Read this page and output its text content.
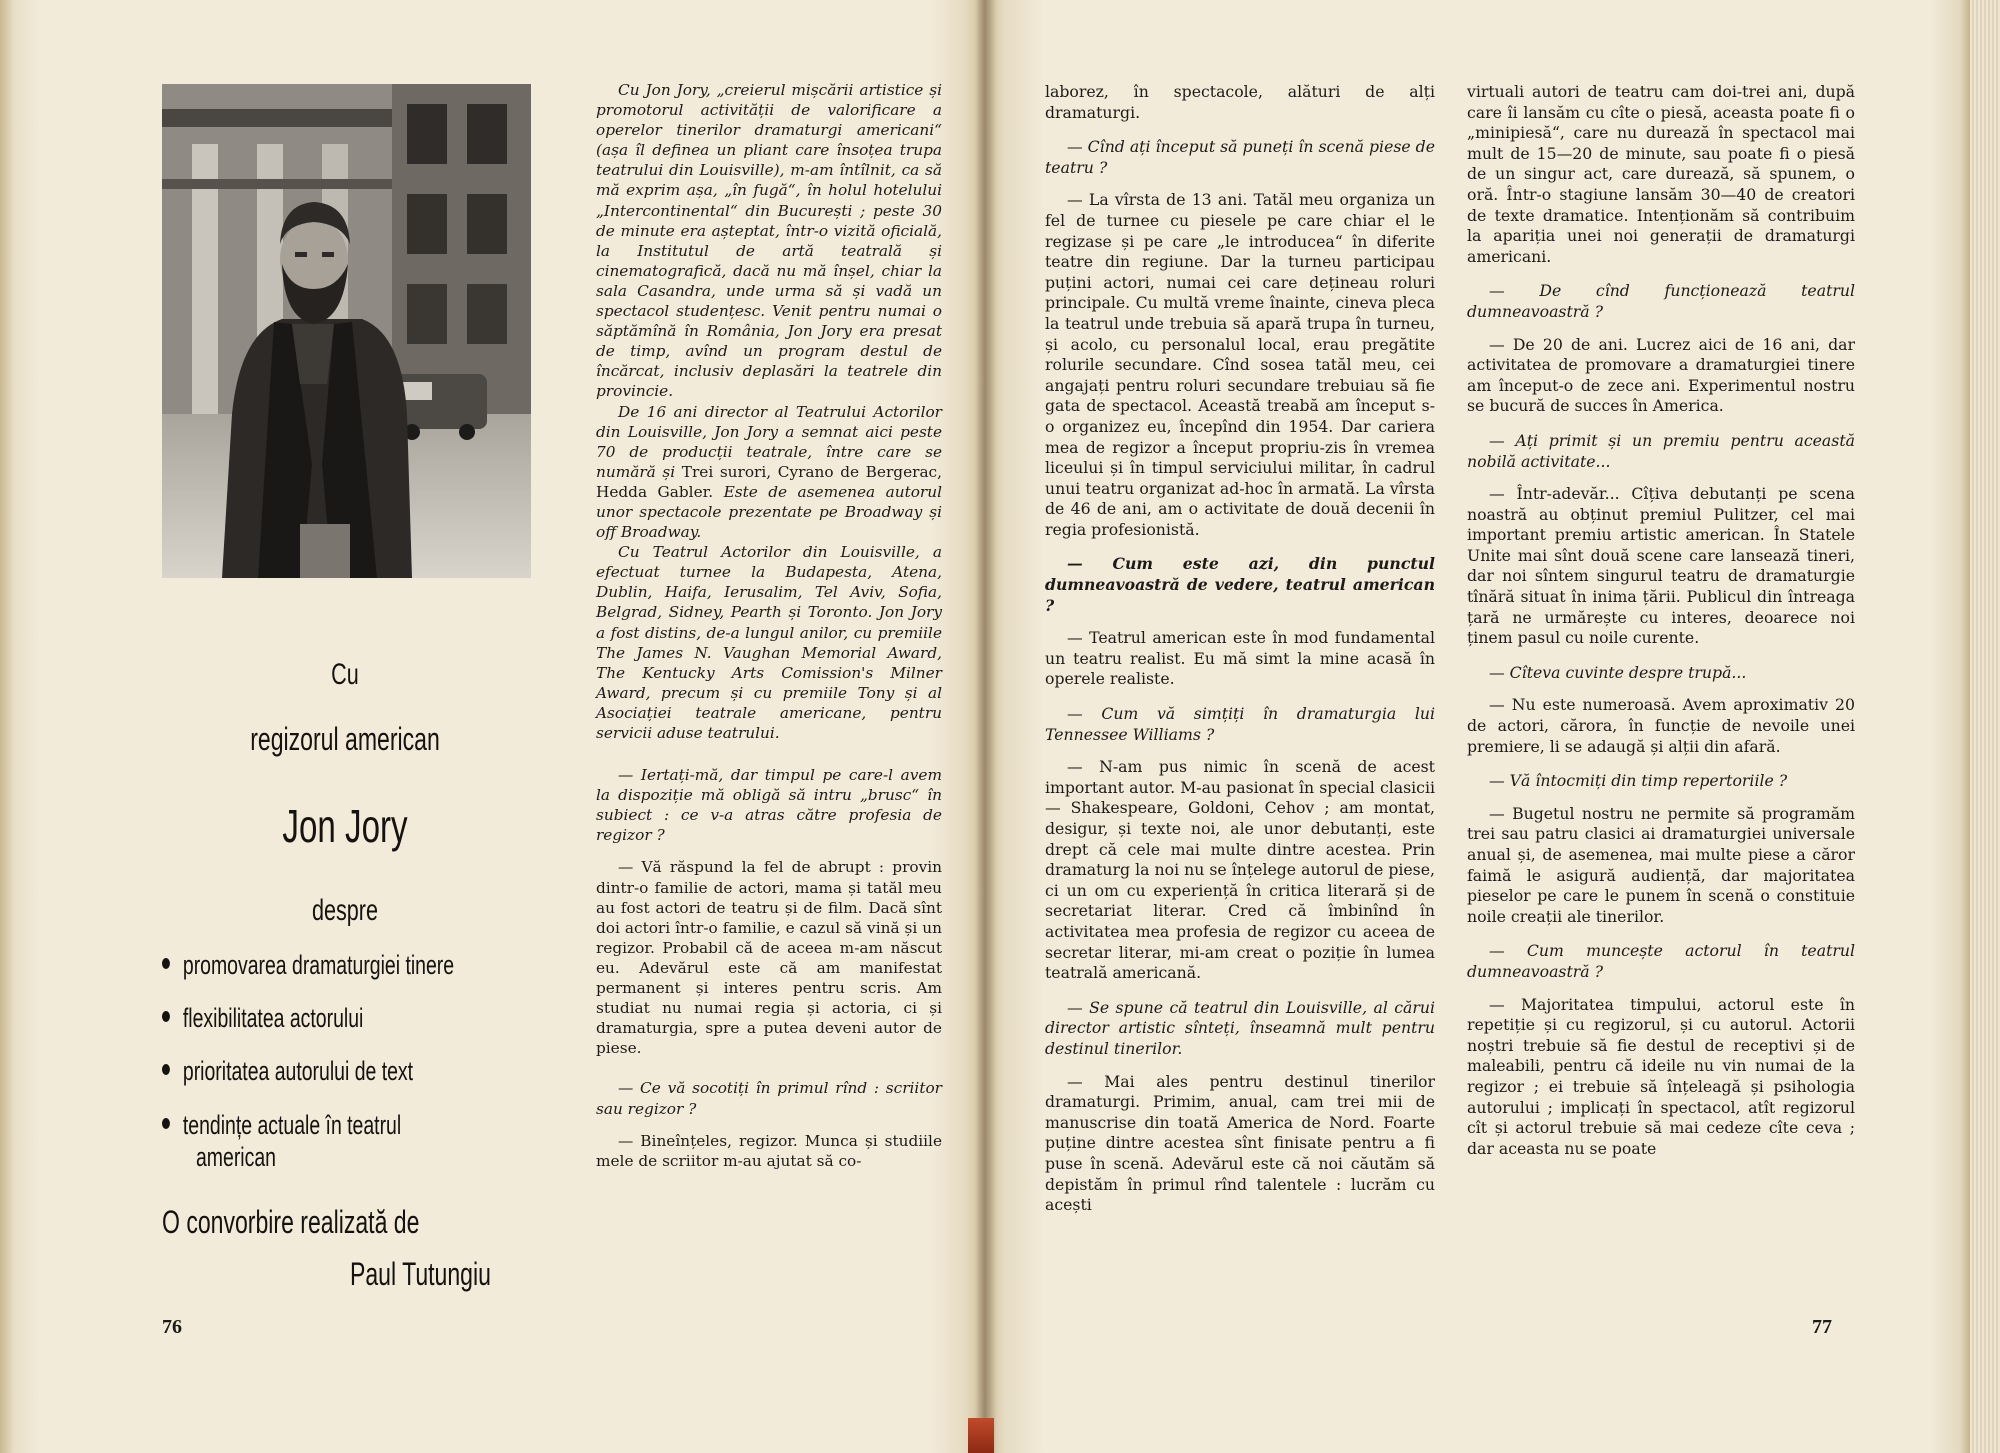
Cu
regizorul american
Jon Jory
despre
promovarea dramaturgiei tinere
flexibilitatea actorului
prioritatea autorului de text
tendințe actuale în teatrul
american
O convorbire realizată de
Paul Tutungiu

Cu Jon Jory, „creierul mișcării artistice și promotorul activității de valorificare a operelor tinerilor dramaturgi americani“ (așa îl definea un pliant care însoțea trupa teatrului din Louisville), m-am întîlnit, ca să mă exprim așa, „în fugă“, în holul hotelului „Intercontinental“ din București ; peste 30 de minute era așteptat, într-o vizită oficială, la Institutul de artă teatrală și cinematografică, dacă nu mă înșel, chiar la sala Casandra, unde urma să și vadă un spectacol studențesc. Venit pentru numai o săptămînă în România, Jon Jory era presat de timp, avînd un program destul de încărcat, inclusiv deplasări la teatrele din provincie.

De 16 ani director al Teatrului Actorilor din Louisville, Jon Jory a semnat aici peste 70 de producții teatrale, între care se numără și Trei surori, Cyrano de Bergerac, Hedda Gabler. Este de asemenea autorul unor spectacole prezentate pe Broadway și off Broadway.

Cu Teatrul Actorilor din Louisville, a efectuat turnee la Budapesta, Atena, Dublin, Haifa, Ierusalim, Tel Aviv, Sofia, Belgrad, Sidney, Pearth și Toronto. Jon Jory a fost distins, de-a lungul anilor, cu premiile The James N. Vaughan Memorial Award, The Kentucky Arts Comission's Milner Award, precum și cu premiile Tony și al Asociației teatrale americane, pentru servicii aduse teatrului.

— Iertați-mă, dar timpul pe care-l avem la dispoziție mă obligă să intru „brusc“ în subiect : ce v-a atras către profesia de regizor ?

— Vă răspund la fel de abrupt : provin dintr-o familie de actori, mama și tatăl meu au fost actori de teatru și de film. Dacă sînt doi actori într-o familie, e cazul să vină și un regizor. Probabil că de aceea m-am născut eu. Adevărul este că am manifestat permanent și interes pentru scris. Am studiat nu numai regia și actoria, ci și dramaturgia, spre a putea deveni autor de piese.

— Ce vă socotiți în primul rînd : scriitor sau regizor ?

— Bineînțeles, regizor. Munca și studiile mele de scriitor m-au ajutat să co-

76

laborez, în spectacole, alături de alți dramaturgi.

— Cînd ați început să puneți în scenă piese de teatru ?

— La vîrsta de 13 ani. Tatăl meu organiza un fel de turnee cu piesele pe care chiar el le regizase și pe care „le introducea“ în diferite teatre din regiune. Dar la turneu participau puțini actori, numai cei care dețineau roluri principale. Cu multă vreme înainte, cineva pleca la teatrul unde trebuia să apară trupa în turneu, și acolo, cu personalul local, erau pregătite rolurile secundare. Cînd sosea tatăl meu, cei angajați pentru roluri secundare trebuiau să fie gata de spectacol. Această treabă am început s-o organizez eu, începînd din 1954. Dar cariera mea de regizor a început propriu-zis în vremea liceului și în timpul serviciului militar, în cadrul unui teatru organizat ad-hoc în armată. La vîrsta de 46 de ani, am o activitate de două decenii în regia profesionistă.

— Cum este azi, din punctul dumneavoastră de vedere, teatrul american ?

— Teatrul american este în mod fundamental un teatru realist. Eu mă simt la mine acasă în operele realiste.

— Cum vă simțiți în dramaturgia lui Tennessee Williams ?

— N-am pus nimic în scenă de acest important autor. M-au pasionat în special clasicii — Shakespeare, Goldoni, Cehov ; am montat, desigur, și texte noi, ale unor debutanți, este drept că cele mai multe dintre acestea. Prin dramaturg la noi nu se înțelege autorul de piese, ci un om cu experiență în critica literară și de secretariat literar. Cred că îmbinînd în activitatea mea profesia de regizor cu aceea de secretar literar, mi-am creat o poziție în lumea teatrală americană.

— Se spune că teatrul din Louisville, al cărui director artistic sînteți, înseamnă mult pentru destinul tinerilor.

— Mai ales pentru destinul tinerilor dramaturgi. Primim, anual, cam trei mii de manuscrise din toată America de Nord. Foarte puține dintre acestea sînt finisate pentru a fi puse în scenă. Adevărul este că noi căutăm să depistăm în primul rînd talentele : lucrăm cu acești

virtuali autori de teatru cam doi-trei ani, după care îi lansăm cu cîte o piesă, aceasta poate fi o „minipiesă“, care nu durează în spectacol mai mult de 15—20 de minute, sau poate fi o piesă de un singur act, care durează, să spunem, o oră. Într-o stagiune lansăm 30—40 de creatori de texte dramatice. Intenționăm să contribuim la apariția unei noi generații de dramaturgi americani.

— De cînd funcționează teatrul dumneavoastră ?

— De 20 de ani. Lucrez aici de 16 ani, dar activitatea de promovare a dramaturgiei tinere am început-o de zece ani. Experimentul nostru se bucură de succes în America.

— Ați primit și un premiu pentru această nobilă activitate...

— Într-adevăr... Cîțiva debutanți pe scena noastră au obținut premiul Pulitzer, cel mai important premiu artistic american. În Statele Unite mai sînt două scene care lansează tineri, dar noi sîntem singurul teatru de dramaturgie tînără situat în inima țării. Publicul din întreaga țară ne urmărește cu interes, deoarece noi ținem pasul cu noile curente.

— Cîteva cuvinte despre trupă...

— Nu este numeroasă. Avem aproximativ 20 de actori, cărora, în funcție de nevoile unei premiere, li se adaugă și alții din afară.

— Vă întocmiți din timp repertoriile ?

— Bugetul nostru ne permite să programăm trei sau patru clasici ai dramaturgiei universale anual și, de asemenea, mai multe piese a căror faimă le asigură audiență, dar majoritatea pieselor pe care le punem în scenă o constituie noile creații ale tinerilor.

— Cum muncește actorul în teatrul dumneavoastră ?

— Majoritatea timpului, actorul este în repetiție și cu regizorul, și cu autorul. Actorii noștri trebuie să fie destul de receptivi și de maleabili, pentru că ideile nu vin numai de la regizor ; ei trebuie să înțeleagă și psihologia autorului ; implicați în spectacol, atît regizorul cît și actorul trebuie să mai cedeze cîte ceva ; dar aceasta nu se poate

77
